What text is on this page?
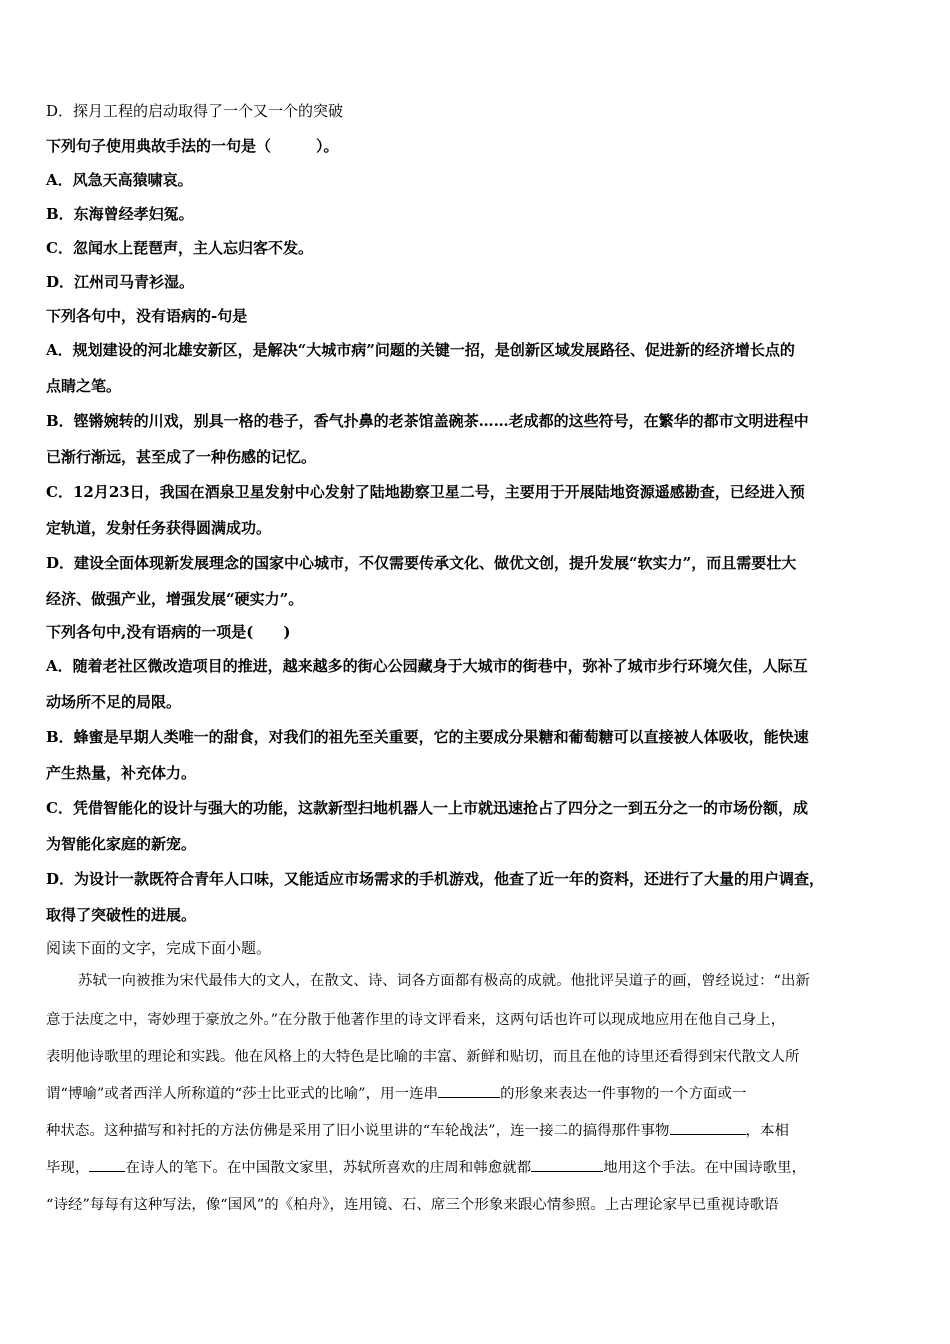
D．探月工程的启动取得了一个又一个的突破
下列句子使用典故手法的一句是（　　　）。
A．风急天高猿啸哀。
B．东海曾经孝妇冤。
C．忽闻水上琵琶声，主人忘归客不发。
D．江州司马青衫湿。
下列各句中，没有语病的-句是
A．规划建设的河北雄安新区，是解决“大城市病”问题的关键一招，是创新区域发展路径、促进新的经济增长点的
点睛之笔。
B．铿锵婉转的川戏，别具一格的巷子，香气扑鼻的老茶馆盖碗茶……老成都的这些符号，在繁华的都市文明进程中
已渐行渐远，甚至成了一种伤感的记忆。
C．12月23日，我国在酒泉卫星发射中心发射了陆地勘察卫星二号，主要用于开展陆地资源遥感勘查，已经进入预
定轨道，发射任务获得圆满成功。
D．建设全面体现新发展理念的国家中心城市，不仅需要传承文化、做优文创，提升发展“软实力”，而且需要壮大
经济、做强产业，增强发展“硬实力”。
下列各句中,没有语病的一项是(　　)
A．随着老社区微改造项目的推进，越来越多的街心公园藏身于大城市的街巷中，弥补了城市步行环境欠佳，人际互
动场所不足的局限。
B．蜂蜜是早期人类唯一的甜食，对我们的祖先至关重要，它的主要成分果糖和葡萄糖可以直接被人体吸收，能快速
产生热量，补充体力。
C．凭借智能化的设计与强大的功能，这款新型扫地机器人一上市就迅速抢占了四分之一到五分之一的市场份额，成
为智能化家庭的新宠。
D．为设计一款既符合青年人口味，又能适应市场需求的手机游戏，他查了近一年的资料，还进行了大量的用户调查，
取得了突破性的进展。
阅读下面的文字，完成下面小题。
苏轼一向被推为宋代最伟大的文人，在散文、诗、词各方面都有极高的成就。他批评吴道子的画，曾经说过：“出新
意于法度之中，寄妙理于豪放之外。”在分散于他著作里的诗文评看来，这两句话也许可以现成地应用在他自己身上，
表明他诗歌里的理论和实践。他在风格上的大特色是比喻的丰富、新鲜和贴切，而且在他的诗里还看得到宋代散文人所
谓“博喻”或者西洋人所称道的“莎士比亚式的比喻”，用一连串	的形象来表达一件事物的一个方面或一
种状态。这种描写和衬托的方法仿佛是采用了旧小说里讲的“车轮战法”，连一接二的搞得那件事物	，本相
毕现，	在诗人的笔下。在中国散文家里，苏轼所喜欢的庄周和韩愈就都	地用这个手法。在中国诗歌里，
“诗经”每每有这种写法，像“国风”的《柏舟》，连用镜、石、席三个形象来跟心情参照。上古理论家早已重视诗歌语
